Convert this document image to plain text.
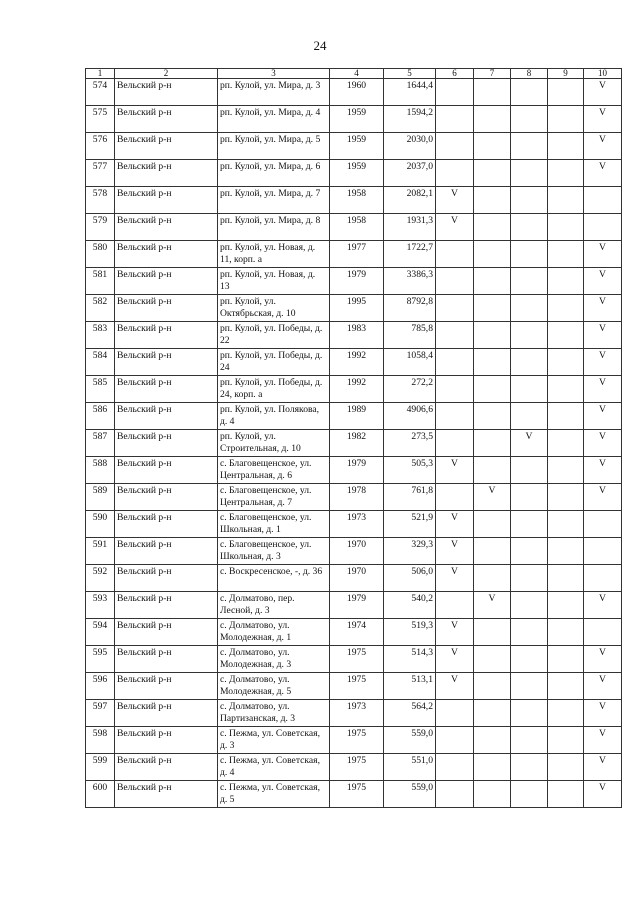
24
1	2	3	4	5	6	7	8	9	10
574	Вельский р-н	рп. Кулой, ул. Мира, д. 3	1960	1644,4					V
575	Вельский р-н	рп. Кулой, ул. Мира, д. 4	1959	1594,2					V
576	Вельский р-н	рп. Кулой, ул. Мира, д. 5	1959	2030,0					V
577	Вельский р-н	рп. Кулой, ул. Мира, д. 6	1959	2037,0					V
578	Вельский р-н	рп. Кулой, ул. Мира, д. 7	1958	2082,1	V				
579	Вельский р-н	рп. Кулой, ул. Мира, д. 8	1958	1931,3	V				
580	Вельский р-н	рп. Кулой, ул. Новая, д. 11, корп. а	1977	1722,7					V
581	Вельский р-н	рп. Кулой, ул. Новая, д. 13	1979	3386,3					V
582	Вельский р-н	рп. Кулой, ул. Октябрьская, д. 10	1995	8792,8					V
583	Вельский р-н	рп. Кулой, ул. Победы, д. 22	1983	785,8					V
584	Вельский р-н	рп. Кулой, ул. Победы, д. 24	1992	1058,4					V
585	Вельский р-н	рп. Кулой, ул. Победы, д. 24, корп. а	1992	272,2					V
586	Вельский р-н	рп. Кулой, ул. Полякова, д. 4	1989	4906,6					V
587	Вельский р-н	рп. Кулой, ул. Строительная, д. 10	1982	273,5			V		V
588	Вельский р-н	с. Благовещенское, ул. Центральная, д. 6	1979	505,3	V				V
589	Вельский р-н	с. Благовещенское, ул. Центральная, д. 7	1978	761,8		V			V
590	Вельский р-н	с. Благовещенское, ул. Школьная, д. 1	1973	521,9	V				
591	Вельский р-н	с. Благовещенское, ул. Школьная, д. 3	1970	329,3	V				
592	Вельский р-н	с. Воскресенское, -, д. 36	1970	506,0	V				
593	Вельский р-н	с. Долматово, пер. Лесной, д. 3	1979	540,2		V			V
594	Вельский р-н	с. Долматово, ул. Молодежная, д. 1	1974	519,3	V				
595	Вельский р-н	с. Долматово, ул. Молодежная, д. 3	1975	514,3	V				V
596	Вельский р-н	с. Долматово, ул. Молодежная, д. 5	1975	513,1	V				V
597	Вельский р-н	с. Долматово, ул. Партизанская, д. 3	1973	564,2					V
598	Вельский р-н	с. Пежма, ул. Советская, д. 3	1975	559,0					V
599	Вельский р-н	с. Пежма, ул. Советская, д. 4	1975	551,0					V
600	Вельский р-н	с. Пежма, ул. Советская, д. 5	1975	559,0					V
